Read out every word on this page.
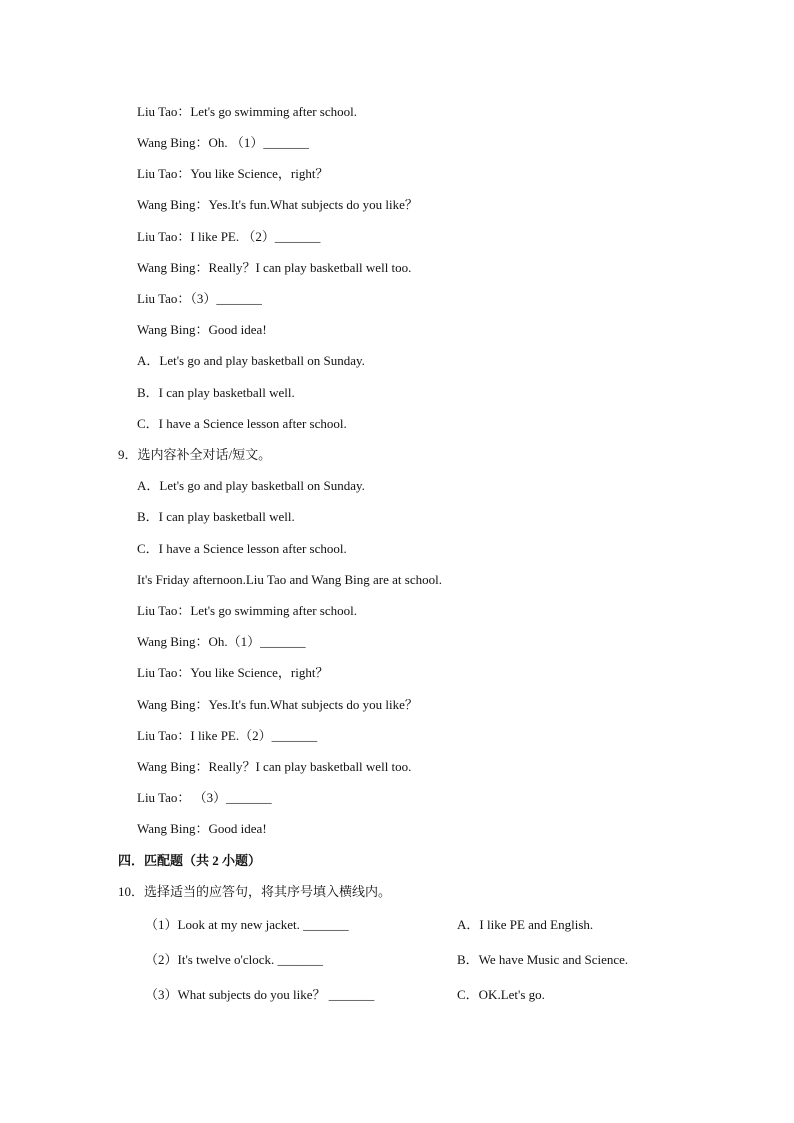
Liu Tao：Let's go swimming after school.
Wang Bing：Oh. （1）_______
Liu Tao：You like Science，right？
Wang Bing：Yes.It's fun.What subjects do you like？
Liu Tao：I like PE. （2）_______
Wang Bing：Really？I can play basketball well too.
Liu Tao：（3）_______
Wang Bing：Good idea!
A．Let's go and play basketball on Sunday.
B．I can play basketball well.
C．I have a Science lesson after school.
9．选内容补全对话/短文。
A．Let's go and play basketball on Sunday.
B．I can play basketball well.
C．I have a Science lesson after school.
It's Friday afternoon.Liu Tao and Wang Bing are at school.
Liu Tao：Let's go swimming after school.
Wang Bing：Oh.（1）_______
Liu Tao：You like Science，right？
Wang Bing：Yes.It's fun.What subjects do you like？
Liu Tao：I like PE.（2）_______
Wang Bing：Really？I can play basketball well too.
Liu Tao： （3）_______
Wang Bing：Good idea!
四．匹配题（共 2 小题）
10．选择适当的应答句，将其序号填入横线内。
（1）Look at my new jacket. _______	A．I like PE and English.
（2）It's twelve o'clock. _______	B．We have Music and Science.
（3）What subjects do you like？ _______	C．OK.Let's go.
